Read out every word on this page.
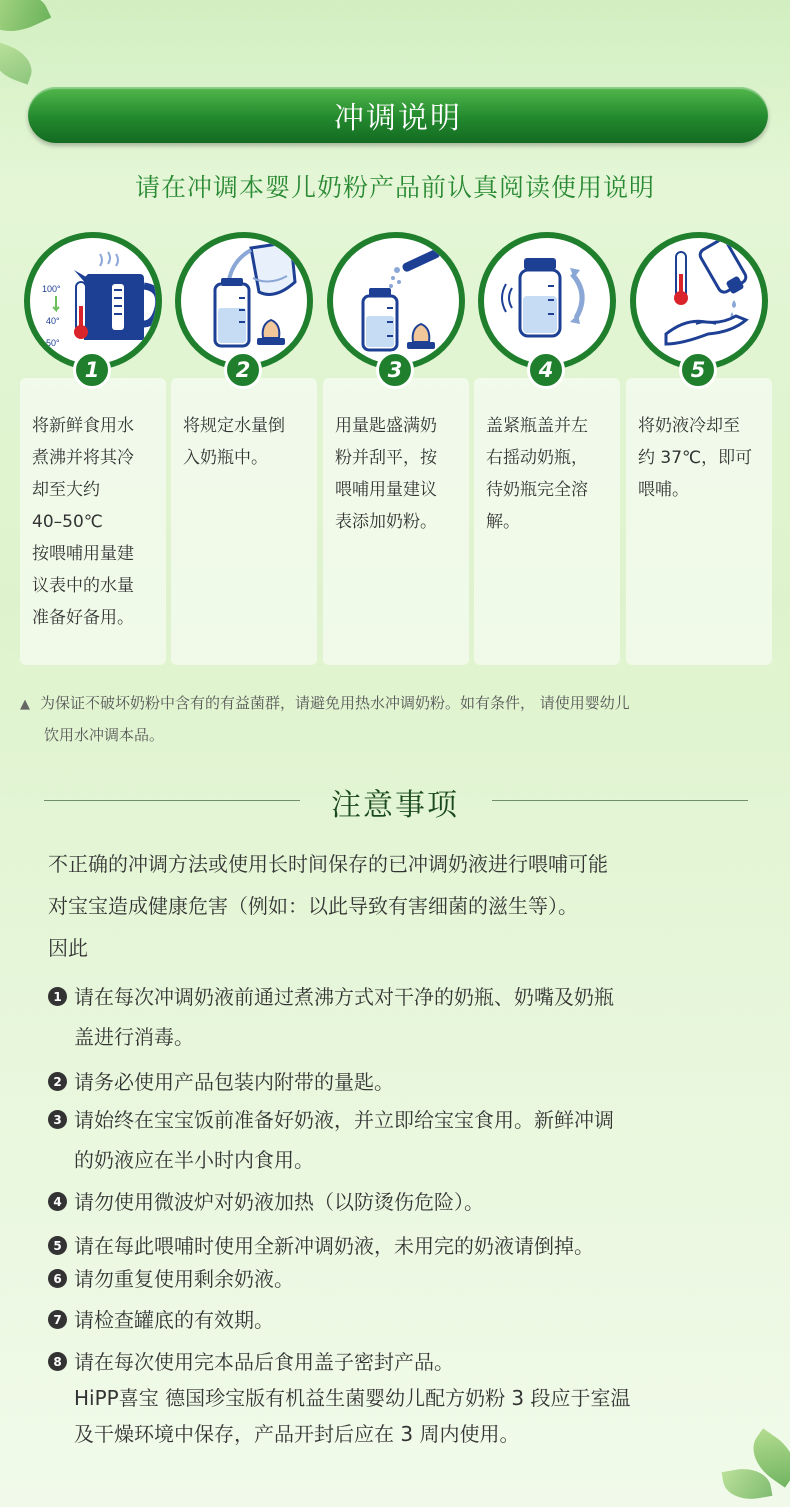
冲调说明
请在冲调本婴儿奶粉产品前认真阅读使用说明
100°
40°
50°
1
将新鲜食用水
煮沸并将其冷
却至大约
40–50℃
按喂哺用量建
议表中的水量
准备好备用。
2
将规定水量倒
入奶瓶中。
3
用量匙盛满奶
粉并刮平，按
喂哺用量建议
表添加奶粉。
4
盖紧瓶盖并左
右摇动奶瓶，
待奶瓶完全溶
解。
5
将奶液冷却至
约 37℃，即可
喂哺。
▲ 为保证不破坏奶粉中含有的有益菌群，请避免用热水冲调奶粉。如有条件， 请使用婴幼儿
饮用水冲调本品。
注意事项
不正确的冲调方法或使用长时间保存的已冲调奶液进行喂哺可能
对宝宝造成健康危害（例如：以此导致有害细菌的滋生等）。
因此
1 请在每次冲调奶液前通过煮沸方式对干净的奶瓶、奶嘴及奶瓶
盖进行消毒。
2 请务必使用产品包装内附带的量匙。
3 请始终在宝宝饭前准备好奶液，并立即给宝宝食用。新鲜冲调
的奶液应在半小时内食用。
4 请勿使用微波炉对奶液加热（以防烫伤危险）。
5 请在每此喂哺时使用全新冲调奶液，未用完的奶液请倒掉。
6 请勿重复使用剩余奶液。
7 请检查罐底的有效期。
8 请在每次使用完本品后食用盖子密封产品。
HiPP喜宝 德国珍宝版有机益生菌婴幼儿配方奶粉 3 段应于室温
及干燥环境中保存，产品开封后应在 3 周内使用。
